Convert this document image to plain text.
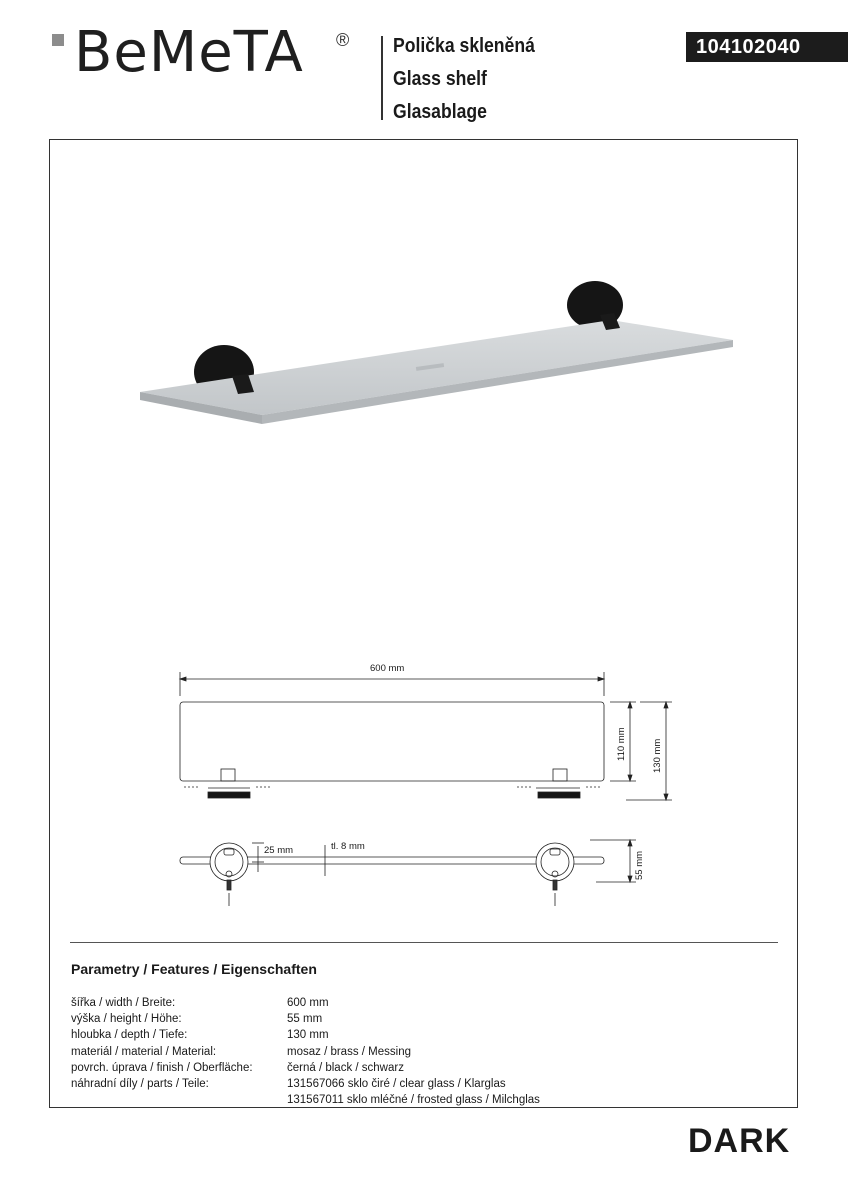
BeMeTA ® Polička skleněná
Glass shelf
Glasablage
104102040
600 mm
110 mm	130 mm
25 mm	tl. 8 mm
55 mm
Parametry / Features / Eigenschaften
šířka / width / Breite:	600 mm
výška / height / Höhe:	55 mm
hloubka / depth / Tiefe:	130 mm
materiál / material / Material:	mosaz / brass / Messing
povrch. úprava / finish / Oberfläche:	černá / black / schwarz
náhradní díly / parts / Teile:	131567066 sklo čiré / clear glass / Klarglas
131567011 sklo mléčné / frosted glass / Milchglas
DARK
